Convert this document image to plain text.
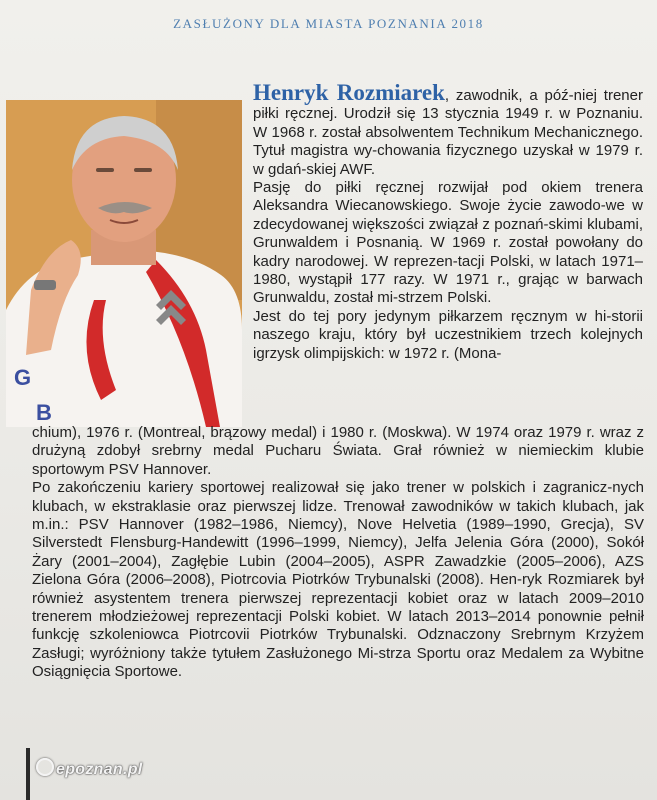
ZASŁUŻONY DLA MIASTA POZNANIA 2018
G
B

Henryk Rozmiarek, zawodnik, a póź-niej trener piłki ręcznej. Urodził się 13 stycznia 1949 r. w Poznaniu. W 1968 r. został absolwentem Technikum Mechanicznego. Tytuł magistra wy-chowania fizycznego uzyskał w 1979 r. w gdań-skiej AWF.

Pasję do piłki ręcznej rozwijał pod okiem trenera Aleksandra Wiecanowskiego. Swoje życie zawodo-we w zdecydowanej większości związał z poznań-skimi klubami, Grunwaldem i Posnanią. W 1969 r. został powołany do kadry narodowej. W reprezen-tacji Polski, w latach 1971–1980, wystąpił 177 razy. W 1971 r., grając w barwach Grunwaldu, został mi-strzem Polski.

Jest do tej pory jedynym piłkarzem ręcznym w hi-storii naszego kraju, który był uczestnikiem trzech kolejnych igrzysk olimpijskich: w 1972 r. (Mona-

chium), 1976 r. (Montreal, brązowy medal) i 1980 r. (Moskwa). W 1974 oraz 1979 r. wraz z drużyną zdobył srebrny medal Pucharu Świata. Grał również w niemieckim klubie sportowym PSV Hannover.

Po zakończeniu kariery sportowej realizował się jako trener w polskich i zagranicz-nych klubach, w ekstraklasie oraz pierwszej lidze. Trenował zawodników w takich klubach, jak m.in.: PSV Hannover (1982–1986, Niemcy), Nove Helvetia (1989–1990, Grecja), SV Silverstedt Flensburg-Handewitt (1996–1999, Niemcy), Jelfa Jelenia Góra (2000), Sokół Żary (2001–2004), Zagłębie Lubin (2004–2005), ASPR Zawadzkie (2005–2006), AZS Zielona Góra (2006–2008), Piotrcovia Piotrków Trybunalski (2008). Hen-ryk Rozmiarek był również asystentem trenera pierwszej reprezentacji kobiet oraz w latach 2009–2010 trenerem młodzieżowej reprezentacji Polski kobiet. W latach 2013–2014 ponownie pełnił funkcję szkoleniowca Piotrcovii Piotrków Trybunalski. Odznaczony Srebrnym Krzyżem Zasługi; wyróżniony także tytułem Zasłużonego Mi-strza Sportu oraz Medalem za Wybitne Osiągnięcia Sportowe.

epoznan.pl
